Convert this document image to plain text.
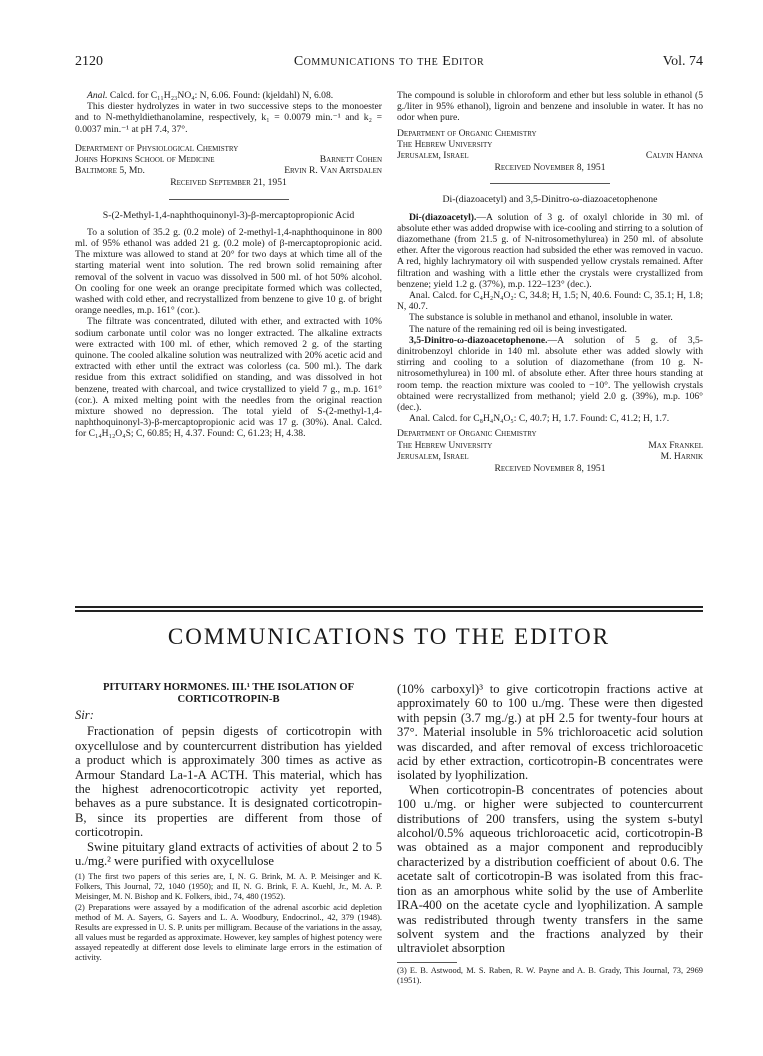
2120	Communications to the Editor	Vol. 74

Anal. Calcd. for C₁₁H₂₃NO₄: N, 6.06. Found: (kjeldahl) N, 6.08.

This diester hydrolyzes in water in two successive steps to the monoester and to N-methyldiethanolamine, respectively, k₁ = 0.0079 min.⁻¹ and k₂ = 0.0037 min.⁻¹ at pH 7.4, 37°.

Department of Physiological Chemistry
Johns Hopkins School of Medicine	Barnett Cohen
Baltimore 5, Md.	Ervin R. Van Artsdalen
Received September 21, 1951
S-(2-Methyl-1,4-naphthoquinonyl-3)-β-mercaptopropionic Acid

To a solution of 35.2 g. (0.2 mole) of 2-methyl-1,4-naphthoquinone in 800 ml. of 95% ethanol was added 21 g. (0.2 mole) of β-mercaptopropionic acid. The mixture was allowed to stand at 20° for two days at which time all of the starting material went into solution. The red brown solid remaining after removal of the solvent in vacuo was dissolved in 500 ml. of hot 50% alcohol. On cooling for one week an orange precipitate formed which was collected, washed with cold ether, and recrystallized from benzene to give 10 g. of bright orange needles, m.p. 161° (cor.).

The filtrate was concentrated, diluted with ether, and extracted with 10% sodium carbonate until color was no longer extracted. The alkaline extracts were extracted with 100 ml. of ether, which removed 2 g. of the starting quinone. The cooled alkaline solution was neutralized with 20% acetic acid and extracted with ether until the extract was colorless (ca. 500 ml.). The dark residue from this extract solidified on standing, and was dissolved in hot benzene, treated with charcoal, and twice crystallized to yield 7 g., m.p. 161° (cor.). A mixed melting point with the needles from the original reaction mixture showed no depression. The total yield of S-(2-methyl-1,4-naphthoquinonyl-3)-β-mercaptopropionic acid was 17 g. (30%). Anal. Calcd. for C₁₄H₁₂O₄S; C, 60.85; H, 4.37. Found: C, 61.23; H, 4.38.

The compound is soluble in chloroform and ether but less soluble in ethanol (5 g./liter in 95% ethanol), ligroin and benzene and insoluble in water. It has no odor when pure.

Department of Organic Chemistry
The Hebrew University
Jerusalem, Israel	Calvin Hanna
Received November 8, 1951
Di-(diazoacetyl) and 3,5-Dinitro-ω-diazoacetophenone

Di-(diazoacetyl).—A solution of 3 g. of oxalyl chloride in 30 ml. of absolute ether was added dropwise with ice-cooling and stirring to a solution of diazomethane (from 21.5 g. of N-nitrosomethylurea) in 250 ml. of absolute ether. After the vigorous reaction had subsided the ether was removed in vacuo. A red, highly lachrymatory oil with suspended yellow crystals remained. After filtration and washing with a little ether the crystals were crystallized from benzene; yield 1.2 g. (37%), m.p. 122–123° (dec.).

Anal. Calcd. for C₄H₂N₄O₂: C, 34.8; H, 1.5; N, 40.6. Found: C, 35.1; H, 1.8; N, 40.7.

The substance is soluble in methanol and ethanol, insoluble in water.

The nature of the remaining red oil is being investigated.

3,5-Dinitro-ω-diazoacetophenone.—A solution of 5 g. of 3,5-dinitrobenzoyl chloride in 140 ml. absolute ether was added slowly with stirring and cooling to a solution of diazomethane (from 10 g. N-nitrosomethylurea) in 100 ml. of absolute ether. After three hours standing at room temp. the reaction mixture was cooled to −10°. The yellowish crystals obtained were recrystallized from methanol; yield 2.0 g. (39%), m.p. 106° (dec.).

Anal. Calcd. for C₈H₄N₄O₅: C, 40.7; H, 1.7. Found: C, 41.2; H, 1.7.

Department of Organic Chemistry
The Hebrew University	Max Frankel
Jerusalem, Israel	M. Harnik
Received November 8, 1951
COMMUNICATIONS TO THE EDITOR
PITUITARY HORMONES. III.¹ THE ISOLATION OF CORTICOTROPIN-B
Sir:

Fractionation of pepsin digests of corticotropin with oxycellulose and by countercurrent distribution has yielded a product which is approximately 300 times as active as Armour Standard La-1-A ACTH. This material, which has the highest adrenocorticotropic activity yet reported, behaves as a pure substance. It is designated corticotropin-B, since its properties are different from those of corticotropin.

Swine pituitary gland extracts of activities of about 2 to 5 u./mg.² were purified with oxycellulose

(1) The first two papers of this series are, I, N. G. Brink, M. A. P. Meisinger and K. Folkers, This Journal, 72, 1040 (1950); and II, N. G. Brink, F. A. Kuehl, Jr., M. A. P. Meisinger, M. N. Bishop and K. Folkers, ibid., 74, 480 (1952).

(2) Preparations were assayed by a modification of the adrenal ascorbic acid depletion method of M. A. Sayers, G. Sayers and L. A. Woodbury, Endocrinol., 42, 379 (1948). Results are expressed in U. S. P. units per milligram. Because of the variations in the assay, all values must be regarded as approximate. However, key samples of highest potency were assayed repeatedly at different dose levels to eliminate large errors in the estimation of activity.

(10% carboxyl)³ to give corticotropin fractions active at approximately 60 to 100 u./mg. These were then digested with pepsin (3.7 mg./g.) at pH 2.5 for twenty-four hours at 37°. Material insoluble in 5% trichloroacetic acid solution was discarded, and after removal of excess trichloroacetic acid by ether extraction, corticotropin-B concentrates were isolated by lyophilization.

When corticotropin-B concentrates of potencies about 100 u./mg. or higher were subjected to countercurrent distributions of 200 transfers, using the system s-butyl alcohol/0.5% aqueous trichloroacetic acid, corticotropin-B was obtained as a major component and reproducibly characterized by a distribution coefficient of about 0.6. The acetate salt of corticotropin-B was isolated from this fraction as an amorphous white solid by the use of Amberlite IRA-400 on the acetate cycle and lyophilization. A sample was redistributed through twenty transfers in the same solvent system and the fractions analyzed by their ultraviolet absorption

(3) E. B. Astwood, M. S. Raben, R. W. Payne and A. B. Grady, This Journal, 73, 2969 (1951).
